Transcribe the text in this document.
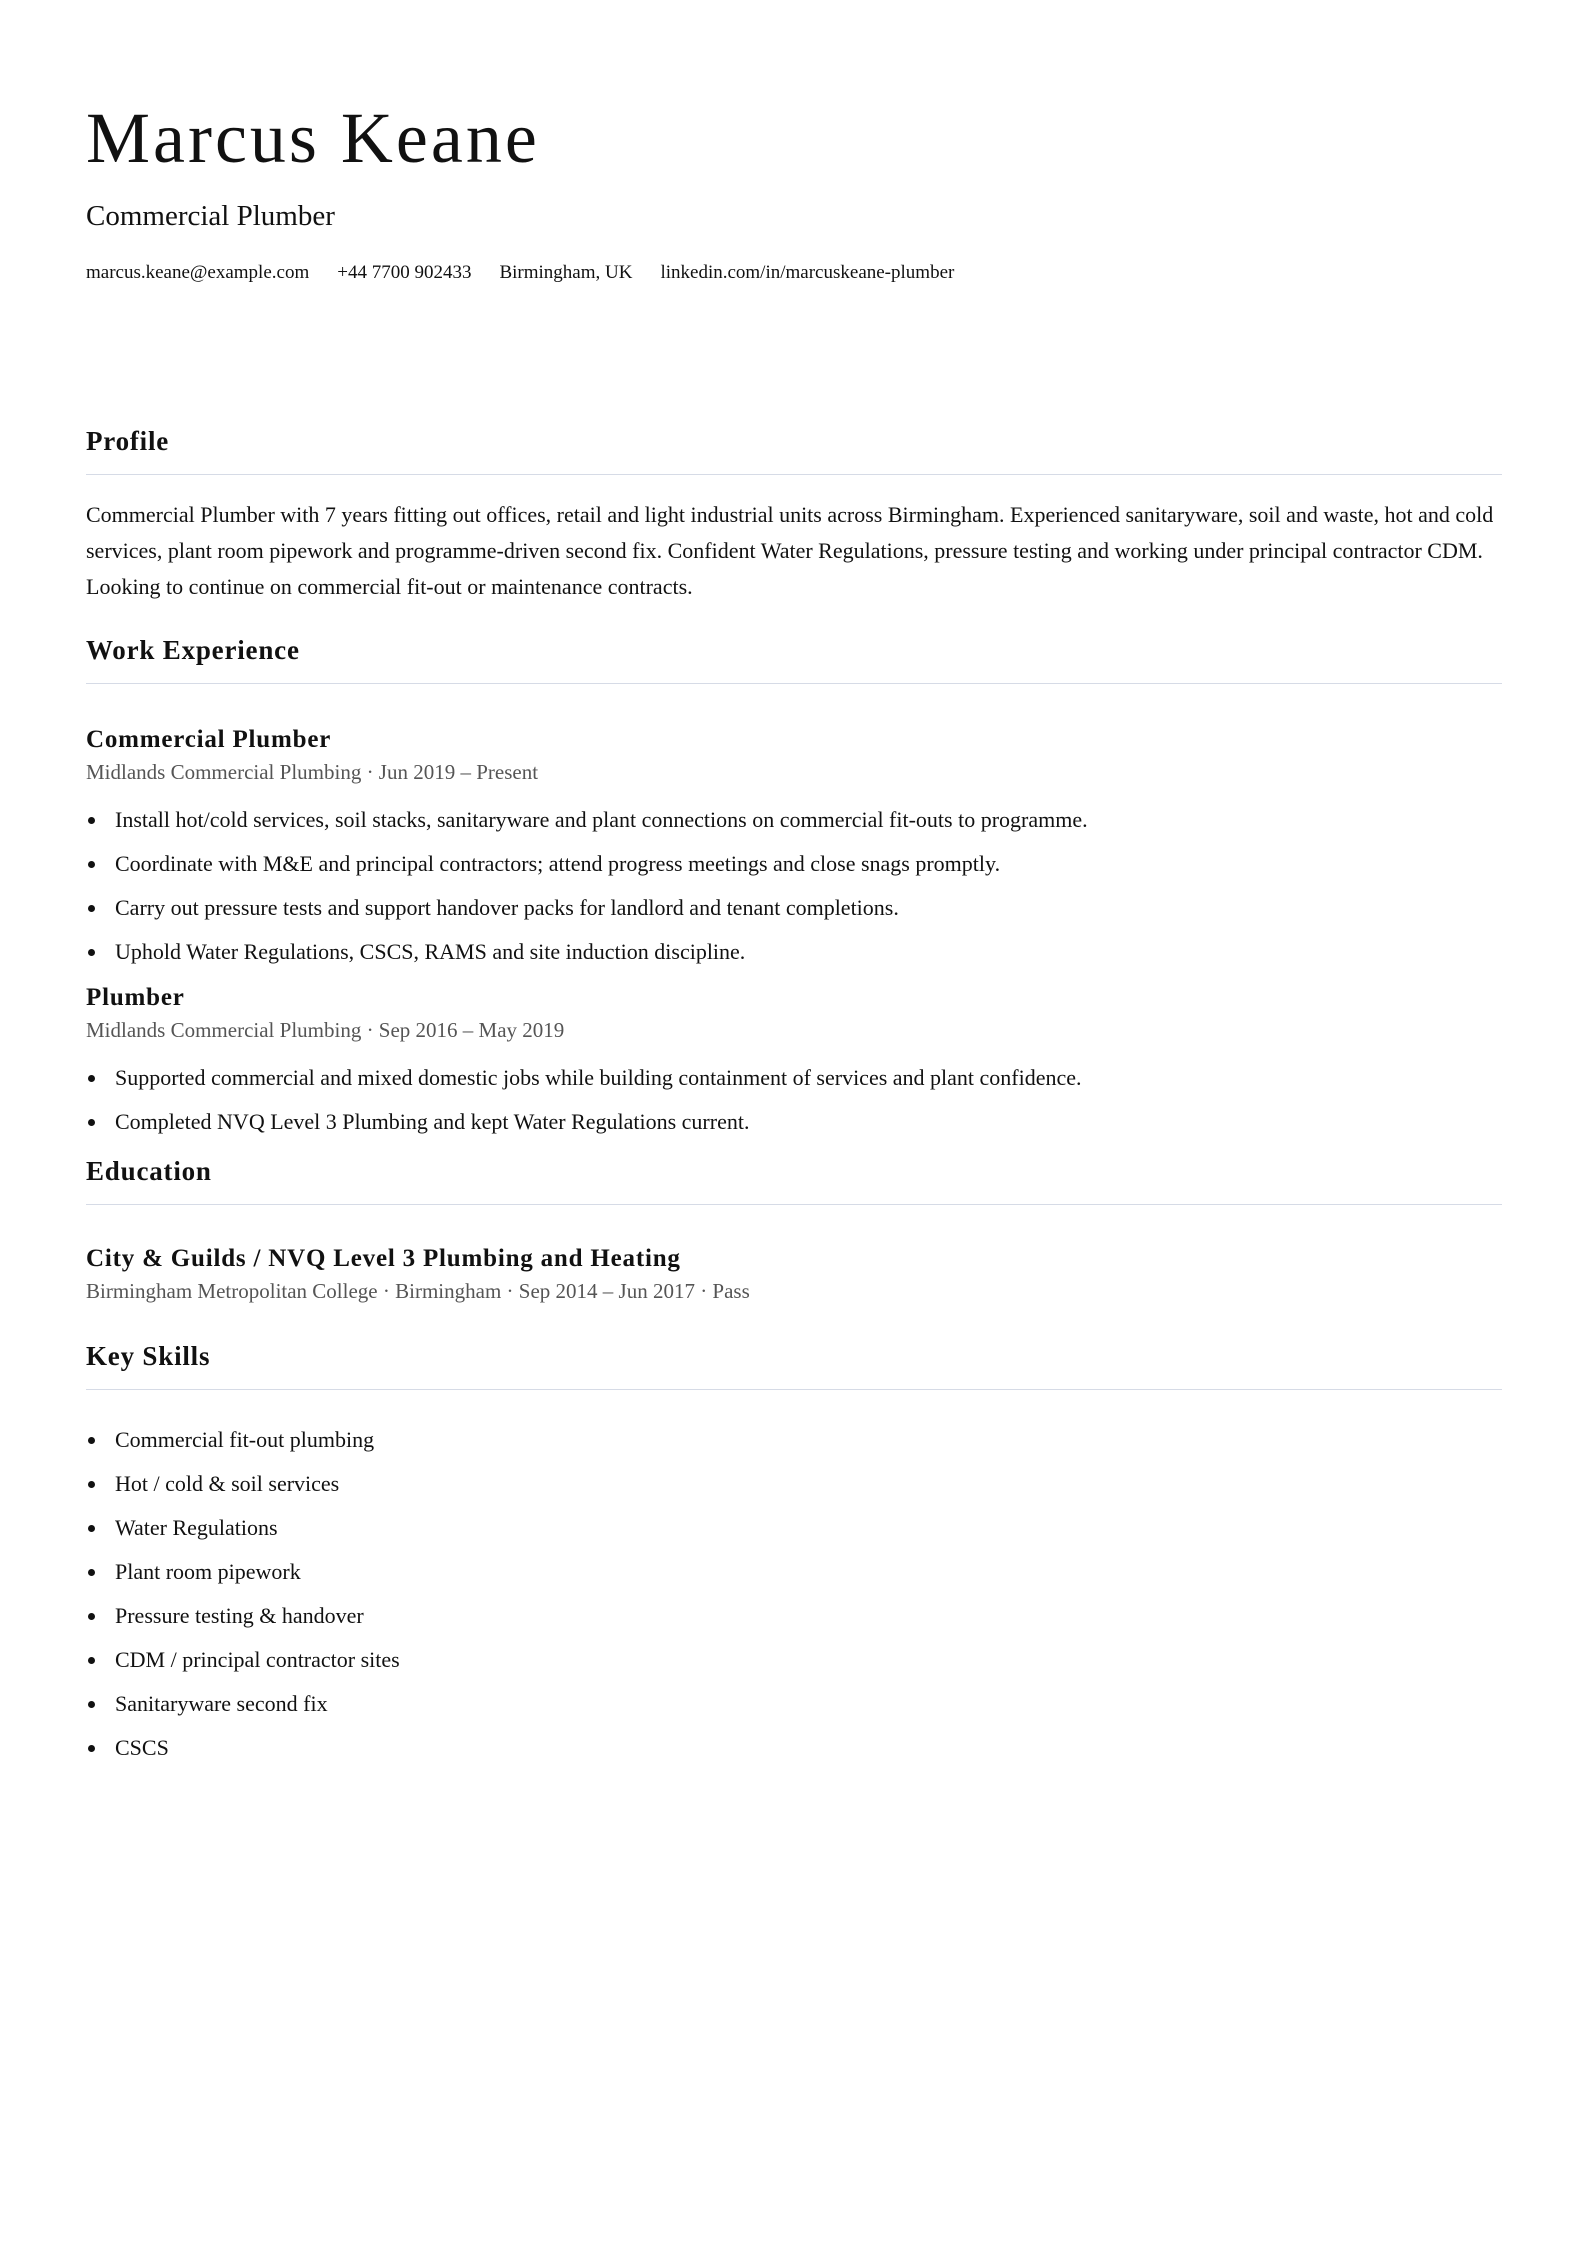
Marcus Keane
Commercial Plumber
marcus.keane@example.com +44 7700 902433 Birmingham, UK linkedin.com/in/marcuskeane-plumber
Profile

Commercial Plumber with 7 years fitting out offices, retail and light industrial units across Birmingham. Experienced sanitaryware, soil and waste, hot and cold services, plant room pipework and programme-driven second fix. Confident Water Regulations, pressure testing and working under principal contractor CDM. Looking to continue on commercial fit-out or maintenance contracts.

Work Experience
Commercial Plumber
Midlands Commercial Plumbing · Jun 2019 – Present
Install hot/cold services, soil stacks, sanitaryware and plant connections on commercial fit-outs to programme.
Coordinate with M&E and principal contractors; attend progress meetings and close snags promptly.
Carry out pressure tests and support handover packs for landlord and tenant completions.
Uphold Water Regulations, CSCS, RAMS and site induction discipline.
Plumber
Midlands Commercial Plumbing · Sep 2016 – May 2019
Supported commercial and mixed domestic jobs while building containment of services and plant confidence.
Completed NVQ Level 3 Plumbing and kept Water Regulations current.
Education
City & Guilds / NVQ Level 3 Plumbing and Heating
Birmingham Metropolitan College · Birmingham · Sep 2014 – Jun 2017 · Pass
Key Skills
Commercial fit-out plumbing
Hot / cold & soil services
Water Regulations
Plant room pipework
Pressure testing & handover
CDM / principal contractor sites
Sanitaryware second fix
CSCS
